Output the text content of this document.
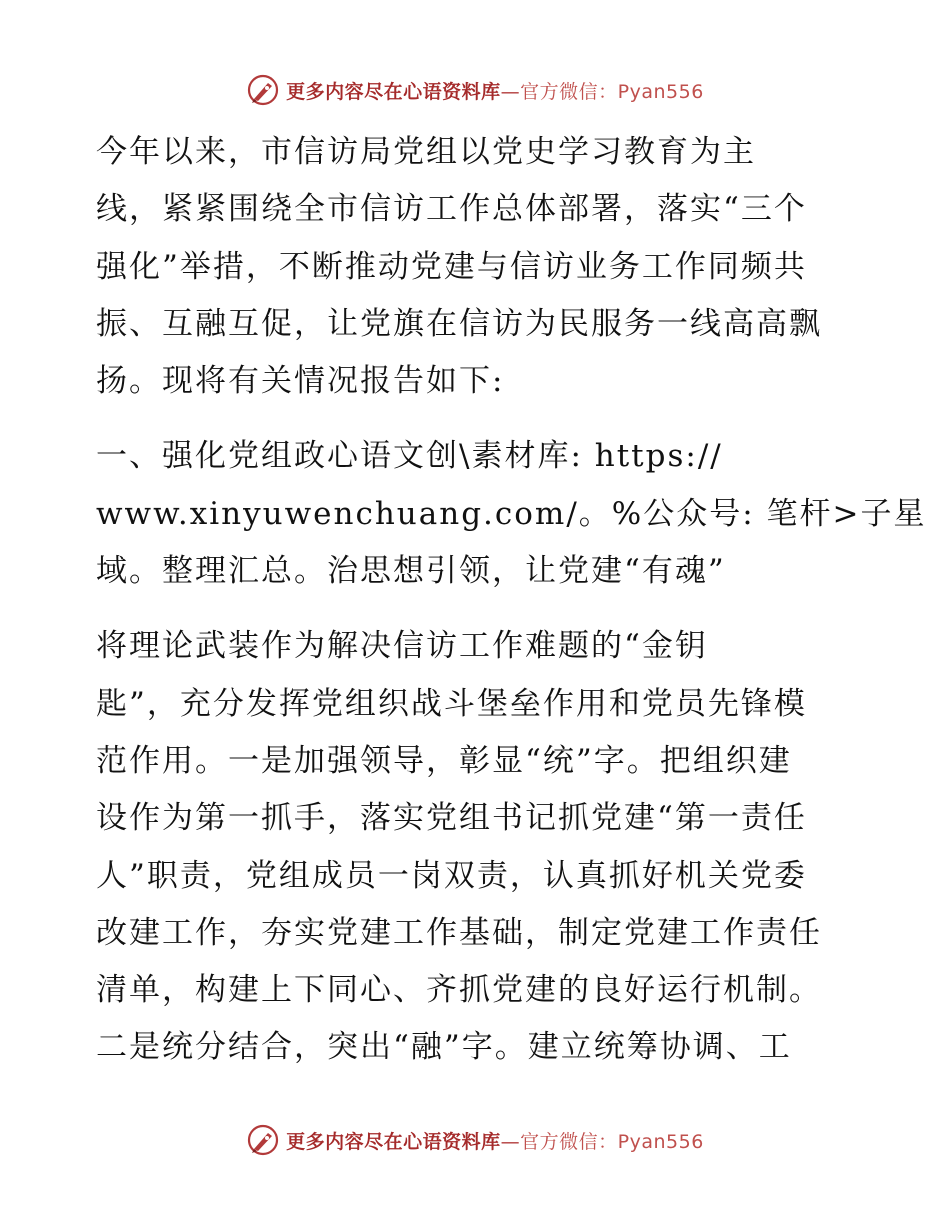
更多内容尽在心语资料库—官方微信：Pyan556

今年以来，市信访局党组以党史学习教育为主

线，紧紧围绕全市信访工作总体部署，落实“三个

强化”举措，不断推动党建与信访业务工作同频共

振、互融互促，让党旗在信访为民服务一线高高飘

扬。现将有关情况报告如下:

一、强化党组政心语文创\素材库: https://

www.xinyuwenchuang.com/。%公众号: 笔杆>子星

域。整理汇总。治思想引领，让党建“有魂”

将理论武装作为解决信访工作难题的“金钥

匙”，充分发挥党组织战斗堡垒作用和党员先锋模

范作用。一是加强领导，彰显“统”字。把组织建

设作为第一抓手，落实党组书记抓党建“第一责任

人”职责，党组成员一岗双责，认真抓好机关党委

改建工作，夯实党建工作基础，制定党建工作责任

清单，构建上下同心、齐抓党建的良好运行机制。

二是统分结合，突出“融”字。建立统筹协调、工

更多内容尽在心语资料库—官方微信：Pyan556
